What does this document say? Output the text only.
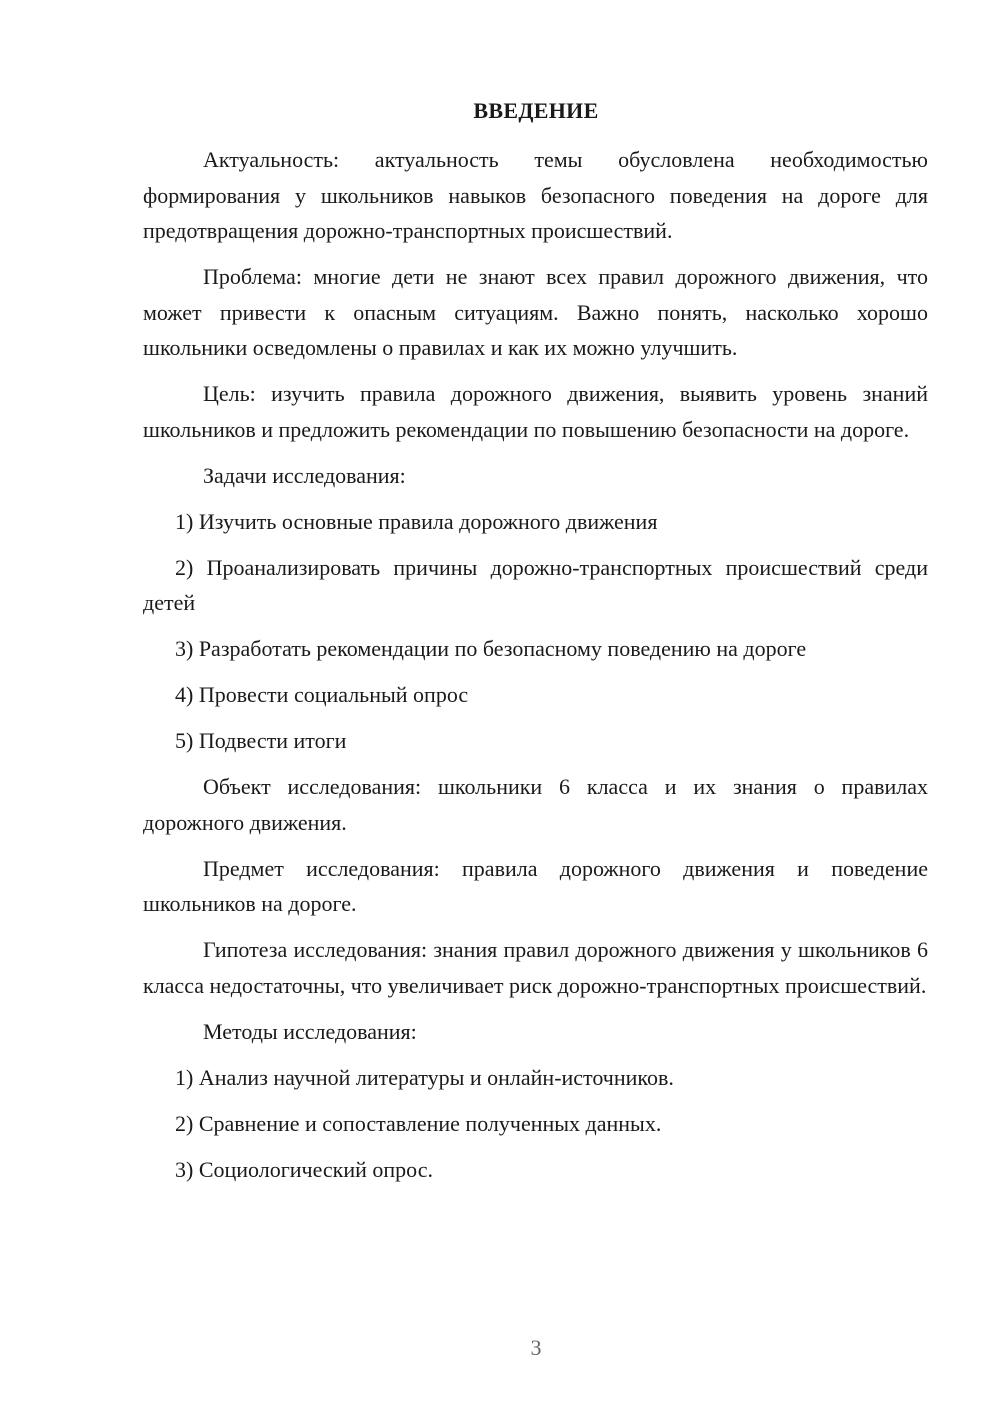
ВВЕДЕНИЕ

Актуальность: актуальность темы обусловлена необходимостью формирования у школьников навыков безопасного поведения на дороге для предотвращения дорожно-транспортных происшествий.

Проблема: многие дети не знают всех правил дорожного движения, что может привести к опасным ситуациям. Важно понять, насколько хорошо школьники осведомлены о правилах и как их можно улучшить.

Цель: изучить правила дорожного движения, выявить уровень знаний школьников и предложить рекомендации по повышению безопасности на дороге.

Задачи исследования:

1) Изучить основные правила дорожного движения

2) Проанализировать причины дорожно-транспортных происшествий среди детей

3) Разработать рекомендации по безопасному поведению на дороге

4) Провести социальный опрос

5) Подвести итоги

Объект исследования: школьники 6 класса и их знания о правилах дорожного движения.

Предмет исследования: правила дорожного движения и поведение школьников на дороге.

Гипотеза исследования: знания правил дорожного движения у школьников 6 класса недостаточны, что увеличивает риск дорожно-транспортных происшествий.

Методы исследования:

1) Анализ научной литературы и онлайн-источников.

2) Сравнение и сопоставление полученных данных.

3) Социологический опрос.

3
